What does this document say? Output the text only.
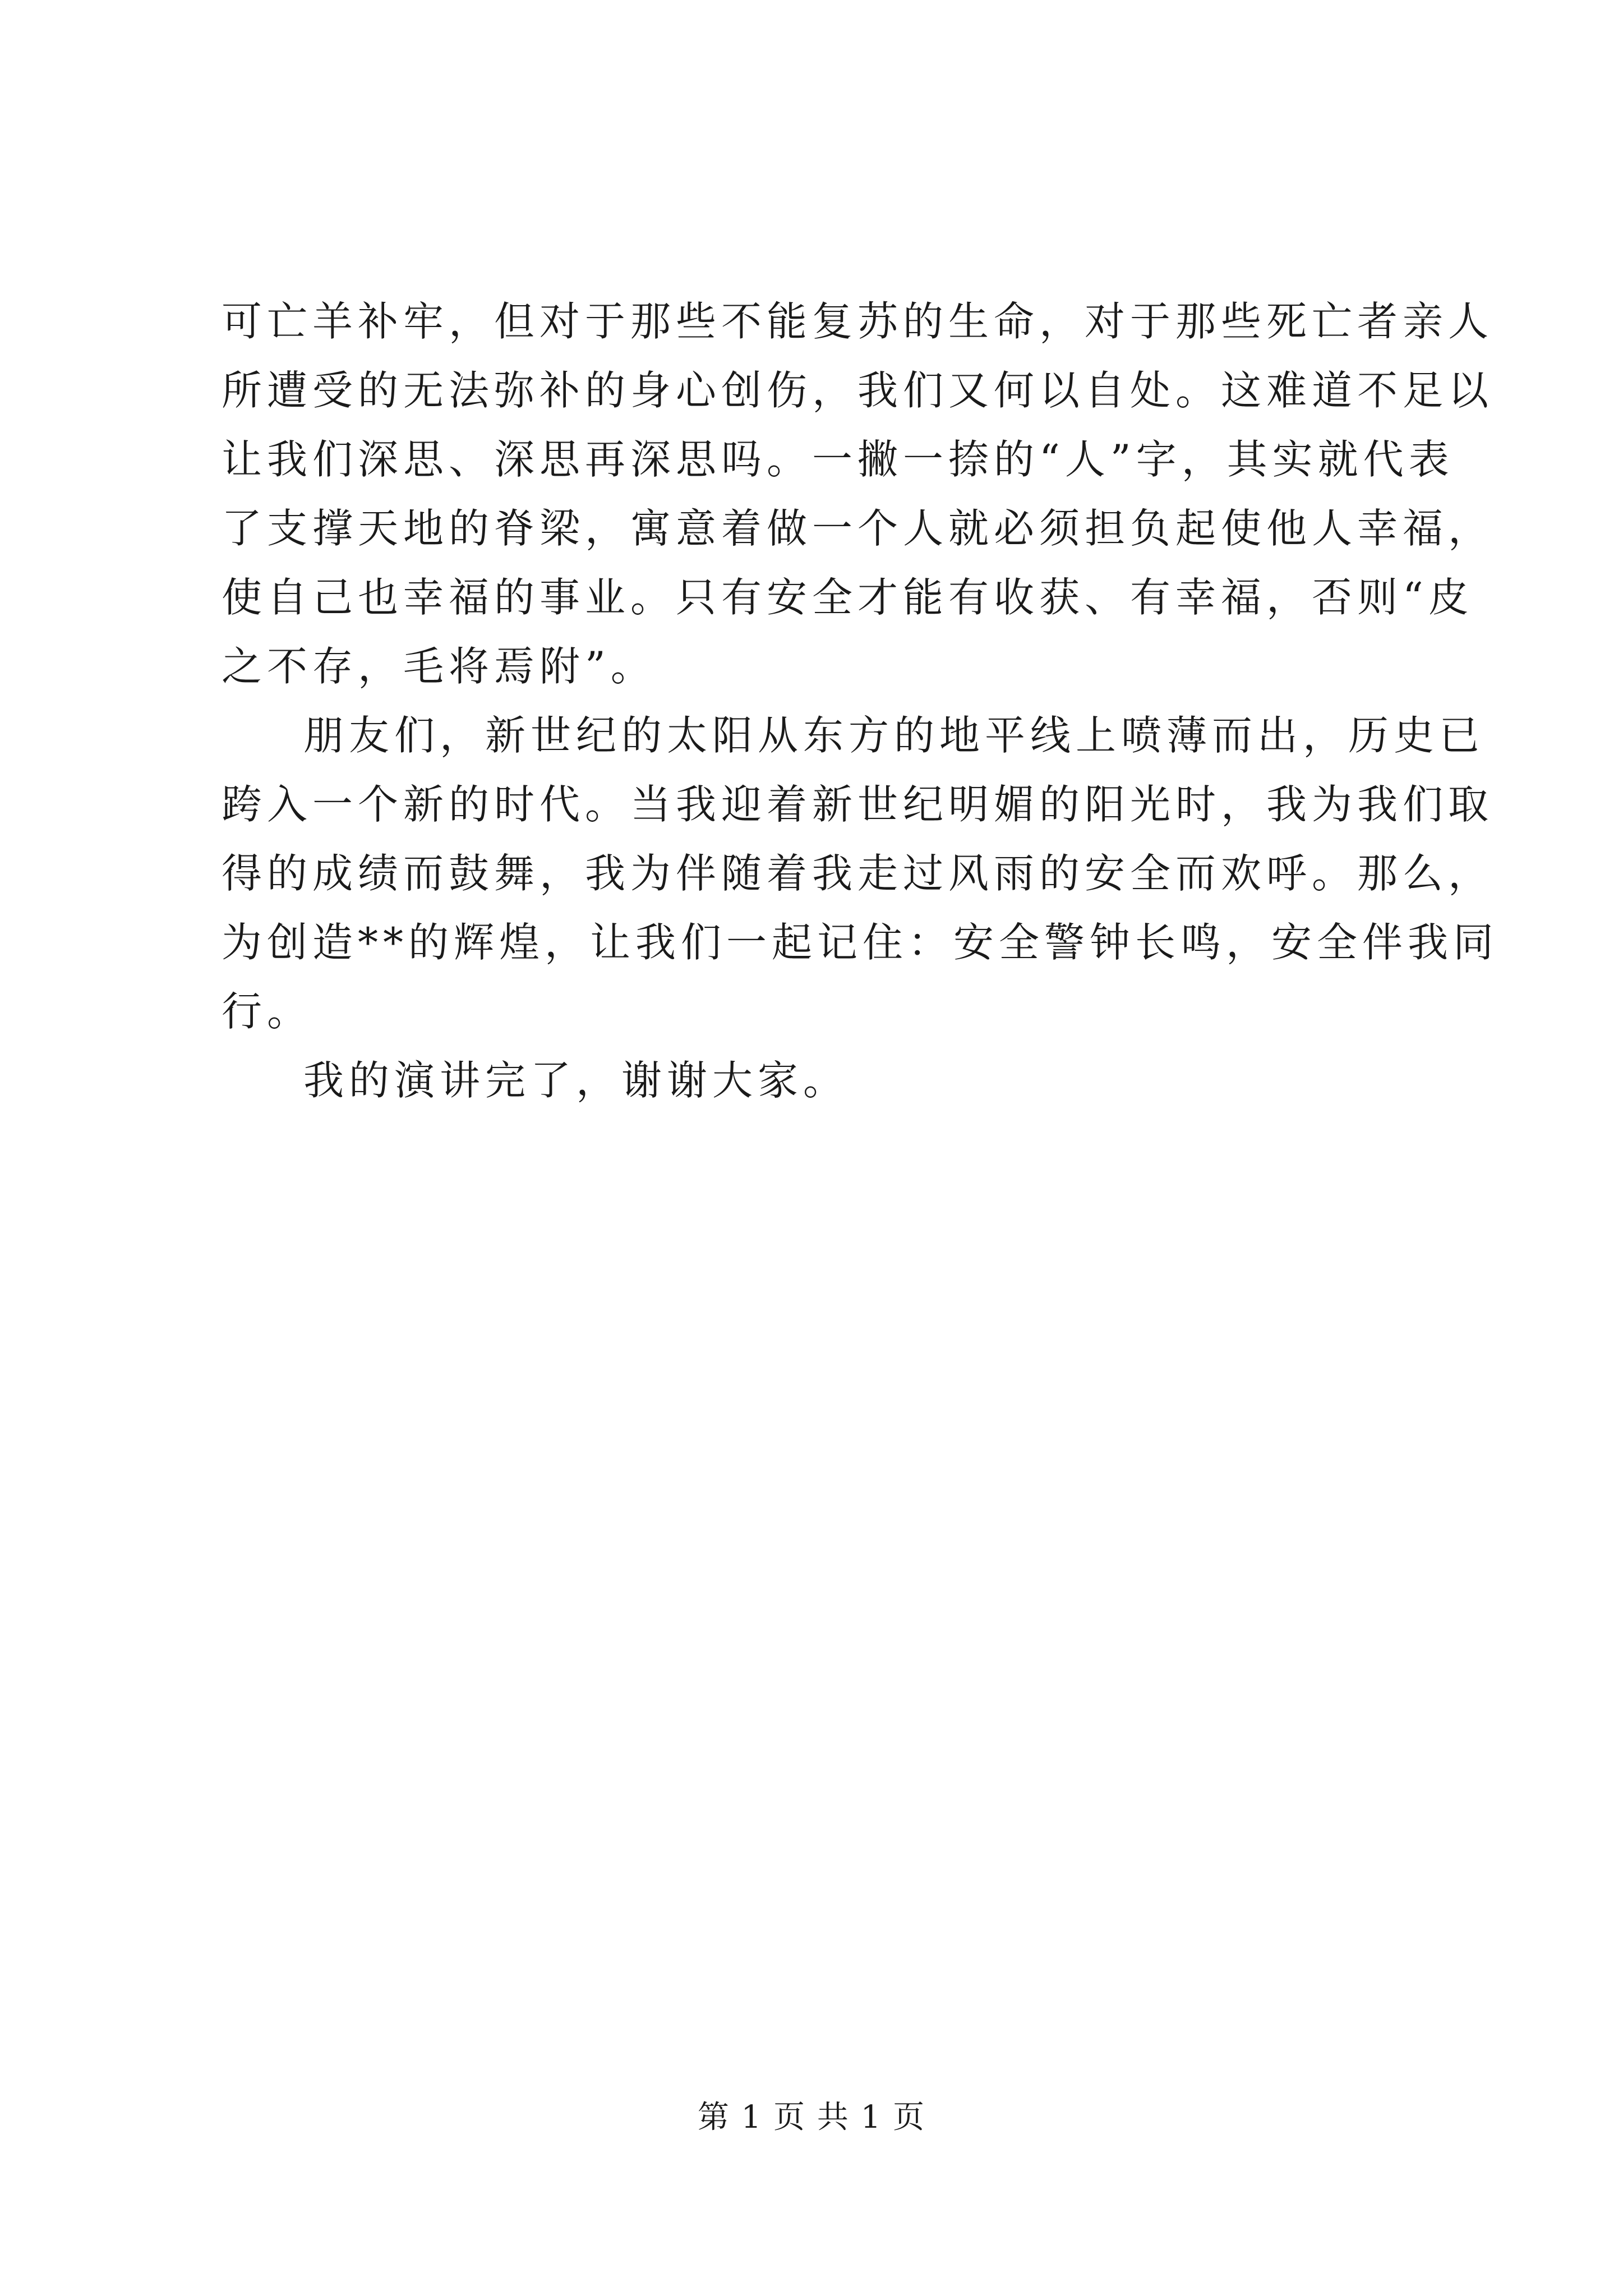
可亡羊补牢，但对于那些不能复苏的生命，对于那些死亡者亲人
所遭受的无法弥补的身心创伤，我们又何以自处。这难道不足以
让我们深思、深思再深思吗。一撇一捺的“人”字，其实就代表
了支撑天地的脊梁，寓意着做一个人就必须担负起使他人幸福，
使自己也幸福的事业。只有安全才能有收获、有幸福，否则“皮
之不存，毛将焉附”。
朋友们，新世纪的太阳从东方的地平线上喷薄而出，历史已
跨入一个新的时代。当我迎着新世纪明媚的阳光时，我为我们取
得的成绩而鼓舞，我为伴随着我走过风雨的安全而欢呼。那么，
为创造**的辉煌，让我们一起记住：安全警钟长鸣，安全伴我同
行。
我的演讲完了，谢谢大家。
第 1 页 共 1 页
